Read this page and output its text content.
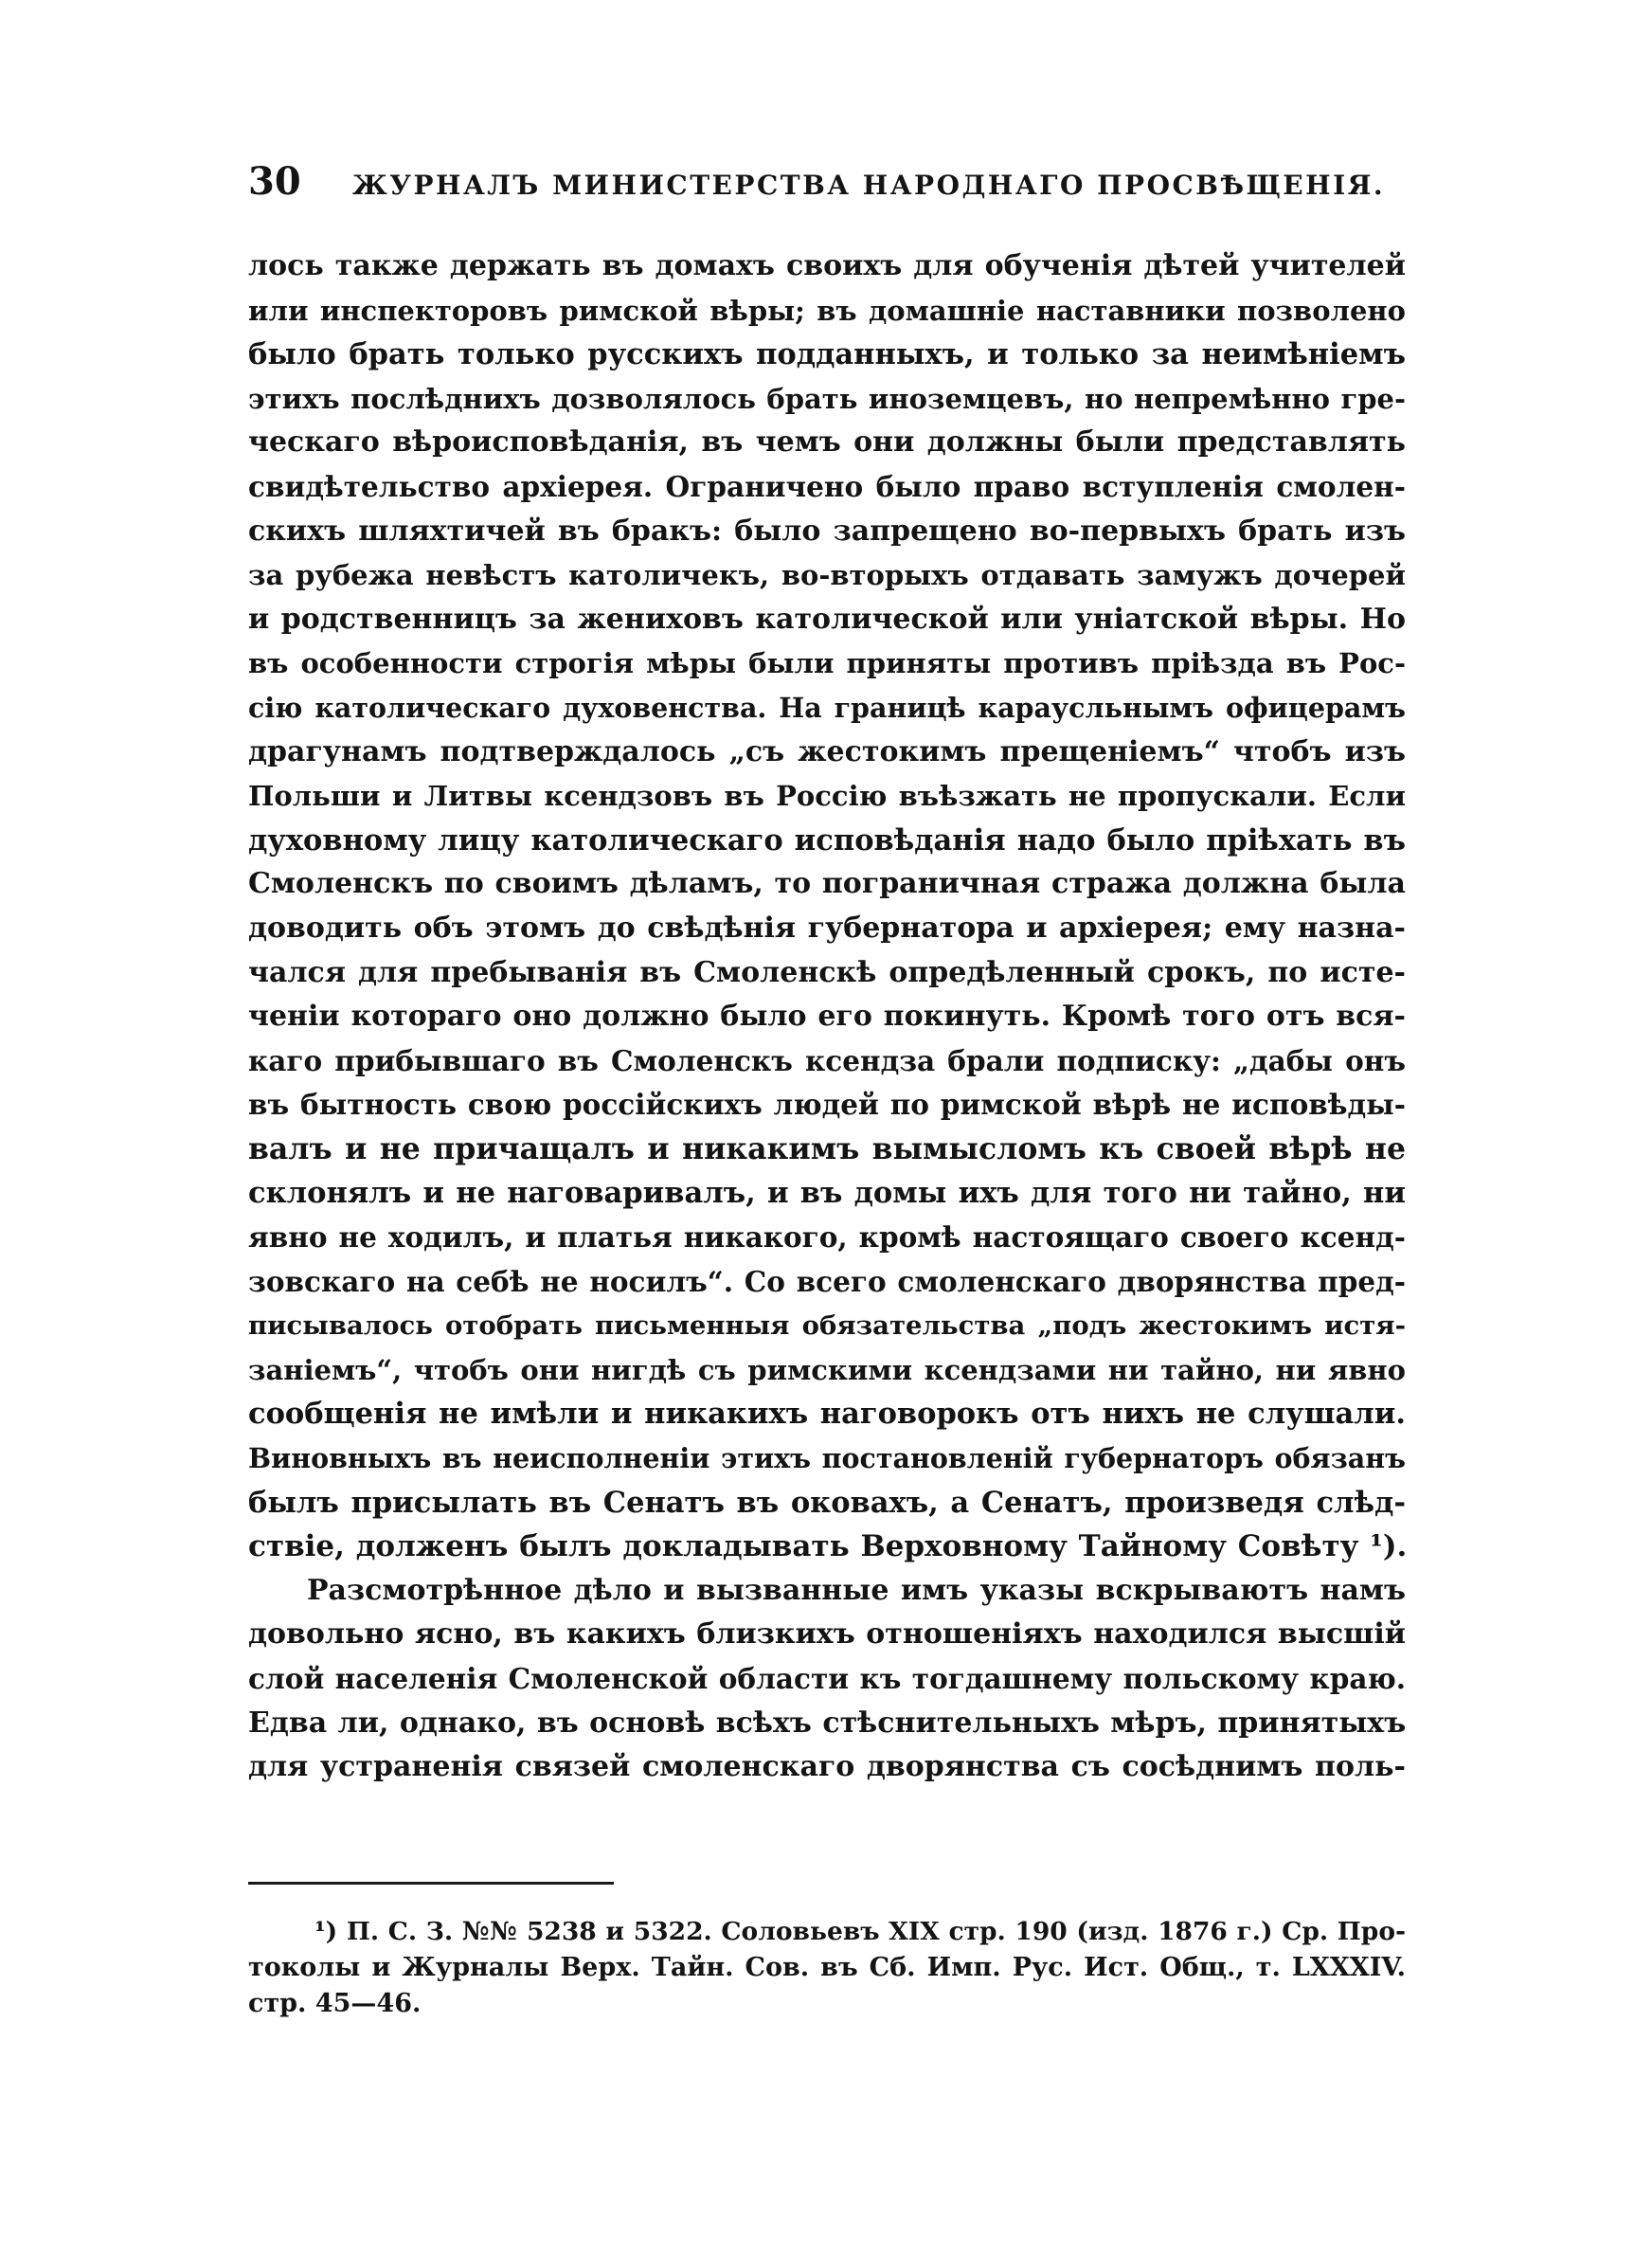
30	ЖУРНАЛЪ МИНИСТЕРСТВА НАРОДНАГО ПРОСВѢЩЕНІЯ.
лось также держать въ домахъ своихъ для обученія дѣтей учителей
или инспекторовъ римской вѣры; въ домашніе наставники позволено
было брать только русскихъ подданныхъ, и только за неимѣніемъ
этихъ послѣднихъ дозволялось брать иноземцевъ, но непремѣнно гре-
ческаго вѣроисповѣданія, въ чемъ они должны были представлять
свидѣтельство архіерея. Ограничено было право вступленія смолен-
скихъ шляхтичей въ бракъ: было запрещено во-первыхъ брать изъ
за рубежа невѣстъ католичекъ, во-вторыхъ отдавать замужъ дочерей
и родственницъ за жениховъ католической или уніатской вѣры. Но
въ особенности строгія мѣры были приняты противъ пріѣзда въ Рос-
сію католическаго духовенства. На границѣ карауcльнымъ офицерамъ
драгунамъ подтверждалось „съ жестокимъ прещеніемъ“ чтобъ изъ
Польши и Литвы ксендзовъ въ Россію въѣзжать не пропускали. Если
духовному лицу католическаго исповѣданія надо было пріѣхать въ
Смоленскъ по своимъ дѣламъ, то пограничная стража должна была
доводить объ этомъ до свѣдѣнія губернатора и архіерея; ему назна-
чался для пребыванія въ Смоленскѣ опредѣленный срокъ, по исте-
ченіи котораго оно должно было его покинуть. Кромѣ того отъ вся-
каго прибывшаго въ Смоленскъ ксендза брали подписку: „дабы онъ
въ бытность свою россійскихъ людей по римской вѣрѣ не исповѣды-
валъ и не причащалъ и никакимъ вымысломъ къ своей вѣрѣ не
склонялъ и не наговаривалъ, и въ домы ихъ для того ни тайно, ни
явно не ходилъ, и платья никакого, кромѣ настоящаго своего ксенд-
зовскаго на себѣ не носилъ“. Со всего смоленскаго дворянства пред-
писывалось отобрать письменныя обязательства „подъ жестокимъ истя-
заніемъ“, чтобъ они нигдѣ съ римскими ксендзами ни тайно, ни явно
сообщенія не имѣли и никакихъ наговорокъ отъ нихъ не слушали.
Виновныхъ въ неисполненіи этихъ постановленій губернаторъ обязанъ
былъ присылать въ Сенатъ въ оковахъ, а Сенатъ, произведя слѣд-
ствіе, долженъ былъ докладывать Верховному Тайному Совѣту ¹).
Разсмотрѣнное дѣло и вызванные имъ указы вскрываютъ намъ
довольно ясно, въ какихъ близкихъ отношеніяхъ находился высшій
слой населенія Смоленской области къ тогдашнему польскому краю.
Едва ли, однако, въ основѣ всѣхъ стѣснительныхъ мѣръ, принятыхъ
для устраненія связей смоленскаго дворянства съ сосѣднимъ поль-
¹) П. С. З. №№ 5238 и 5322. Соловьевъ XIX стр. 190 (изд. 1876 г.) Ср. Про-
токолы и Журналы Верх. Тайн. Сов. въ Сб. Имп. Рус. Ист. Общ., т. LXXXIV.
стр. 45—46.
